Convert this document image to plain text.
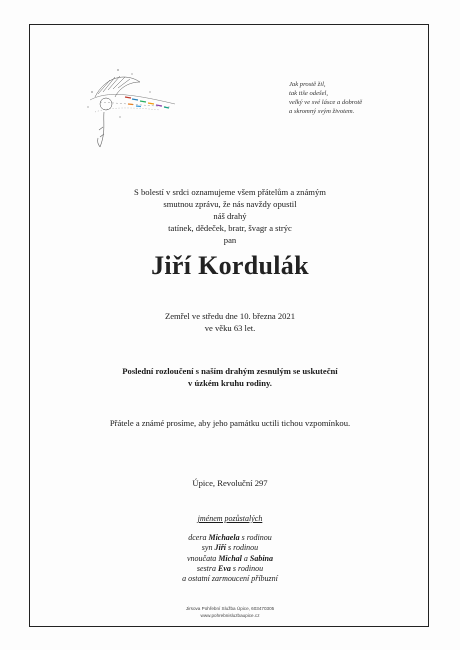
Jak prostě žil,
tak tiše odešel,
velký ve své lásce a dobrotě
a skromný svým životem.
S bolestí v srdci oznamujeme všem přátelům a známým
smutnou zprávu, že nás navždy opustil
náš drahý
tatínek, dědeček, bratr, švagr a strýc
pan
Jiří Kordulák
Zemřel ve středu dne 10. března 2021
ve věku 63 let.
Poslední rozloučení s naším drahým zesnulým se uskuteční
v úzkém kruhu rodiny.
Přátele a známé prosíme, aby jeho památku uctili tichou vzpomínkou.
Úpice, Revoluční 297
jménem pozůstalých
dcera Michaela s rodinou
syn Jiří s rodinou
vnoučata Michal a Sabina
sestra Eva s rodinou
a ostatní zarmoucení příbuzní
Jirsova Pohřební Služba Úpice, 603470305
www.pohrebnisluzbaupice.cz
